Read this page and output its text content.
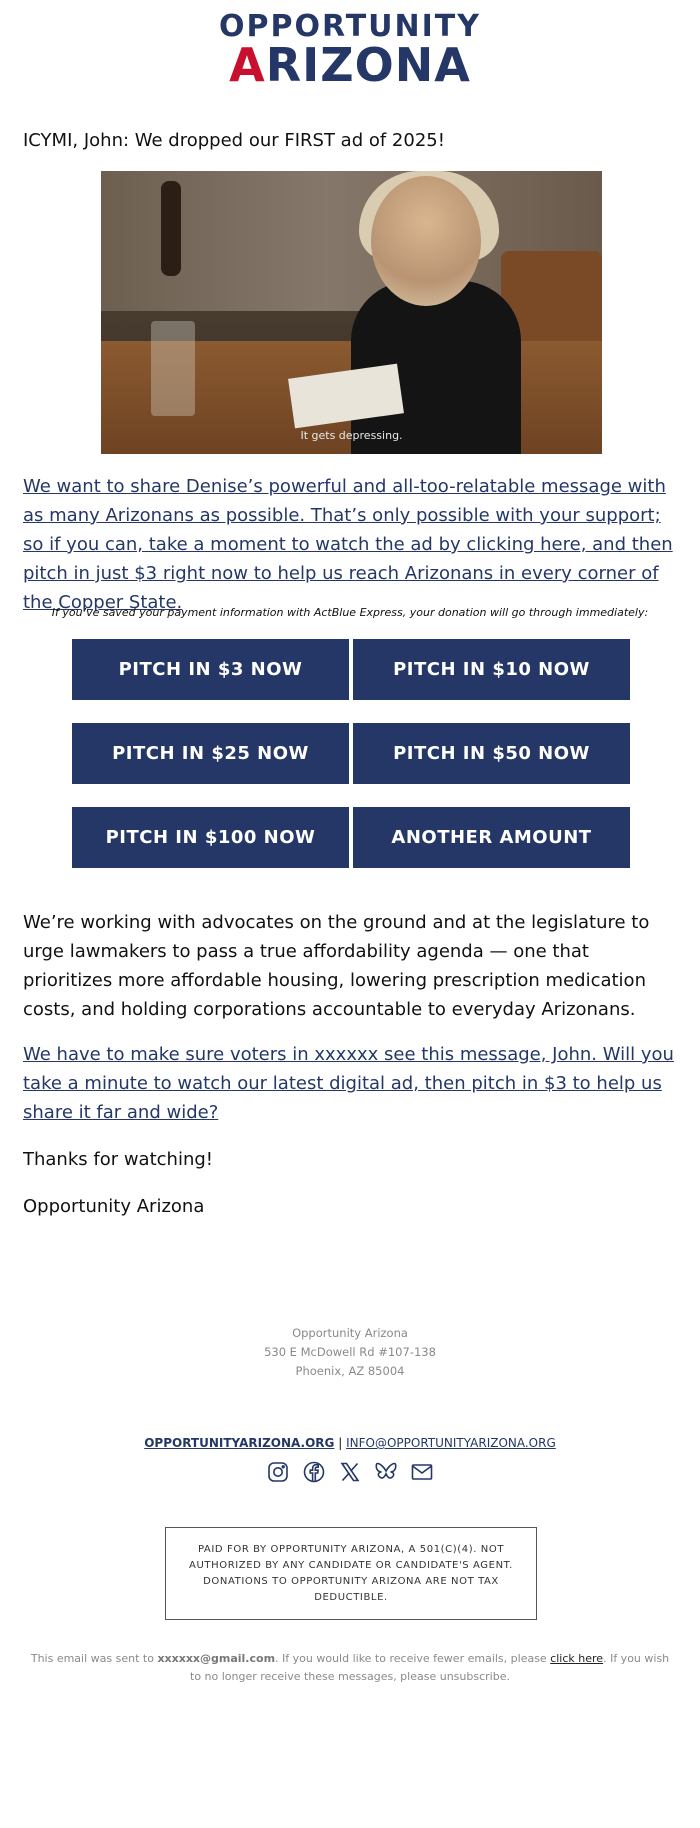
OPPORTUNITY
ARIZONA
ICYMI, John: We dropped our FIRST ad of 2025!
It gets depressing.
We want to share Denise’s powerful and all-too-relatable message with as many Arizonans as possible. That’s only possible with your support; so if you can, take a moment to watch the ad by clicking here, and then pitch in just $3 right now to help us reach Arizonans in every corner of the Copper State.
If you’ve saved your payment information with ActBlue Express, your donation will go through immediately:
PITCH IN $3 NOW	PITCH IN $10 NOW
PITCH IN $25 NOW	PITCH IN $50 NOW
PITCH IN $100 NOW	ANOTHER AMOUNT
We’re working with advocates on the ground and at the legislature to urge lawmakers to pass a true affordability agenda — one that prioritizes more affordable housing, lowering prescription medication costs, and holding corporations accountable to everyday Arizonans.
We have to make sure voters in xxxxxx see this message, John. Will you take a minute to watch our latest digital ad, then pitch in $3 to help us share it far and wide?
Thanks for watching!
Opportunity Arizona
Opportunity Arizona
530 E McDowell Rd #107-138
Phoenix, AZ 85004
OPPORTUNITYARIZONA.ORG | INFO@OPPORTUNITYARIZONA.ORG
PAID FOR BY OPPORTUNITY ARIZONA, A 501(C)(4). NOT AUTHORIZED BY ANY CANDIDATE OR CANDIDATE'S AGENT. DONATIONS TO OPPORTUNITY ARIZONA ARE NOT TAX DEDUCTIBLE.
This email was sent to xxxxxx@gmail.com. If you would like to receive fewer emails, please click here. If you wish to no longer receive these messages, please unsubscribe.
